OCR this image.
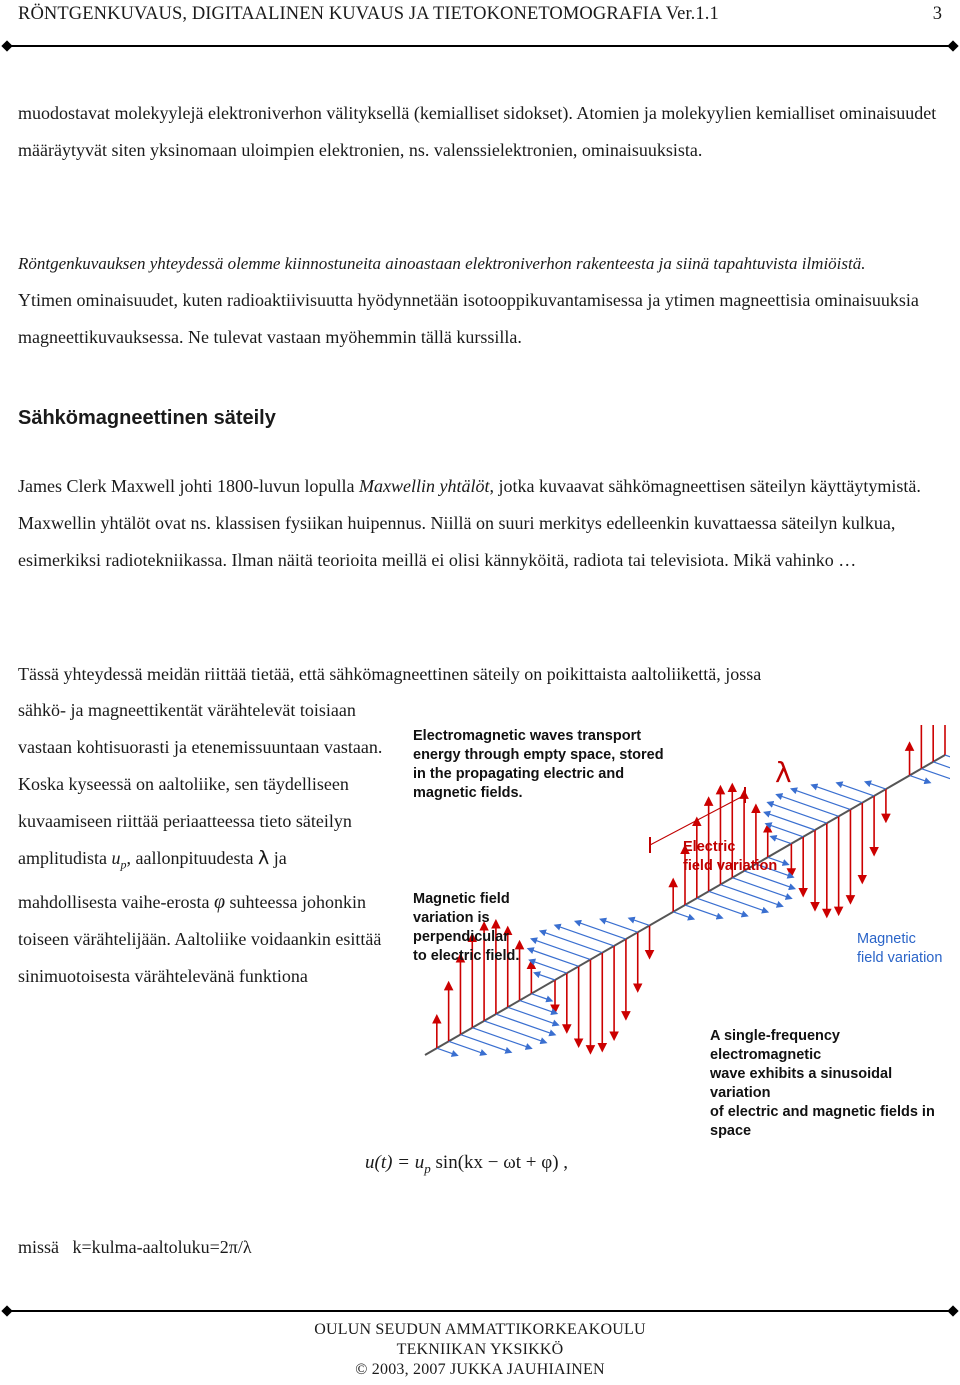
RÖNTGENKUVAUS, DIGITAALINEN KUVAUS JA TIETOKONETOMOGRAFIA Ver.1.1	3

muodostavat molekyylejä elektroniverhon välityksellä (kemialliset sidokset). Atomien ja molekyylien kemialliset ominaisuudet määräytyvät siten yksinomaan uloimpien elektronien, ns. valenssielektronien, ominaisuuksista.

Röntgenkuvauksen yhteydessä olemme kiinnostuneita ainoastaan elektroniverhon rakenteesta ja siinä tapahtuvista ilmiöistä.

Ytimen ominaisuudet, kuten radioaktiivisuutta hyödynnetään isotooppikuvantamisessa ja ytimen magneettisia ominaisuuksia magneettikuvauksessa. Ne tulevat vastaan myöhemmin tällä kurssilla.

Sähkömagneettinen säteily

James Clerk Maxwell johti 1800-luvun lopulla Maxwellin yhtälöt, jotka kuvaavat sähkömagneettisen säteilyn käyttäytymistä. Maxwellin yhtälöt ovat ns. klassisen fysiikan huipennus. Niillä on suuri merkitys edelleenkin kuvattaessa säteilyn kulkua, esimerkiksi radiotekniikassa. Ilman näitä teorioita meillä ei olisi kännyköitä, radiota tai televisiota. Mikä vahinko …

Tässä yhteydessä meidän riittää tietää, että sähkömagneettinen säteily on poikittaista aaltoliikettä, jossa

sähkö- ja magneettikentät värähtelevät toisiaan vastaan kohtisuorasti ja etenemissuuntaan vastaan. Koska kyseessä on aaltoliike, sen täydelliseen kuvaamiseen riittää periaatteessa tieto säteilyn amplitudista $u_p$, aallonpituudesta λ ja mahdollisesta vaihe-erosta φ suhteessa johonkin toiseen värähtelijään. Aaltoliike voidaankin esittää sinimuotoisesta värähtelevänä funktiona

Electromagnetic waves transport
energy through empty space, stored
in the propagating electric and
magnetic fields.
λ
Electric
field variation
Magnetic field
variation is
perpendicular
to electric field.
Magnetic
field variation
A single-frequency electromagnetic
wave exhibits a sinusoidal variation
of electric and magnetic fields in
space
$u(t) = u_p$ sin(kx − ωt + φ) ,
missä   k=kulma-aaltoluku=2π/λ
OULUN SEUDUN AMMATTIKORKEAKOULU
TEKNIIKAN YKSIKKÖ
© 2003, 2007 JUKKA JAUHIAINEN
